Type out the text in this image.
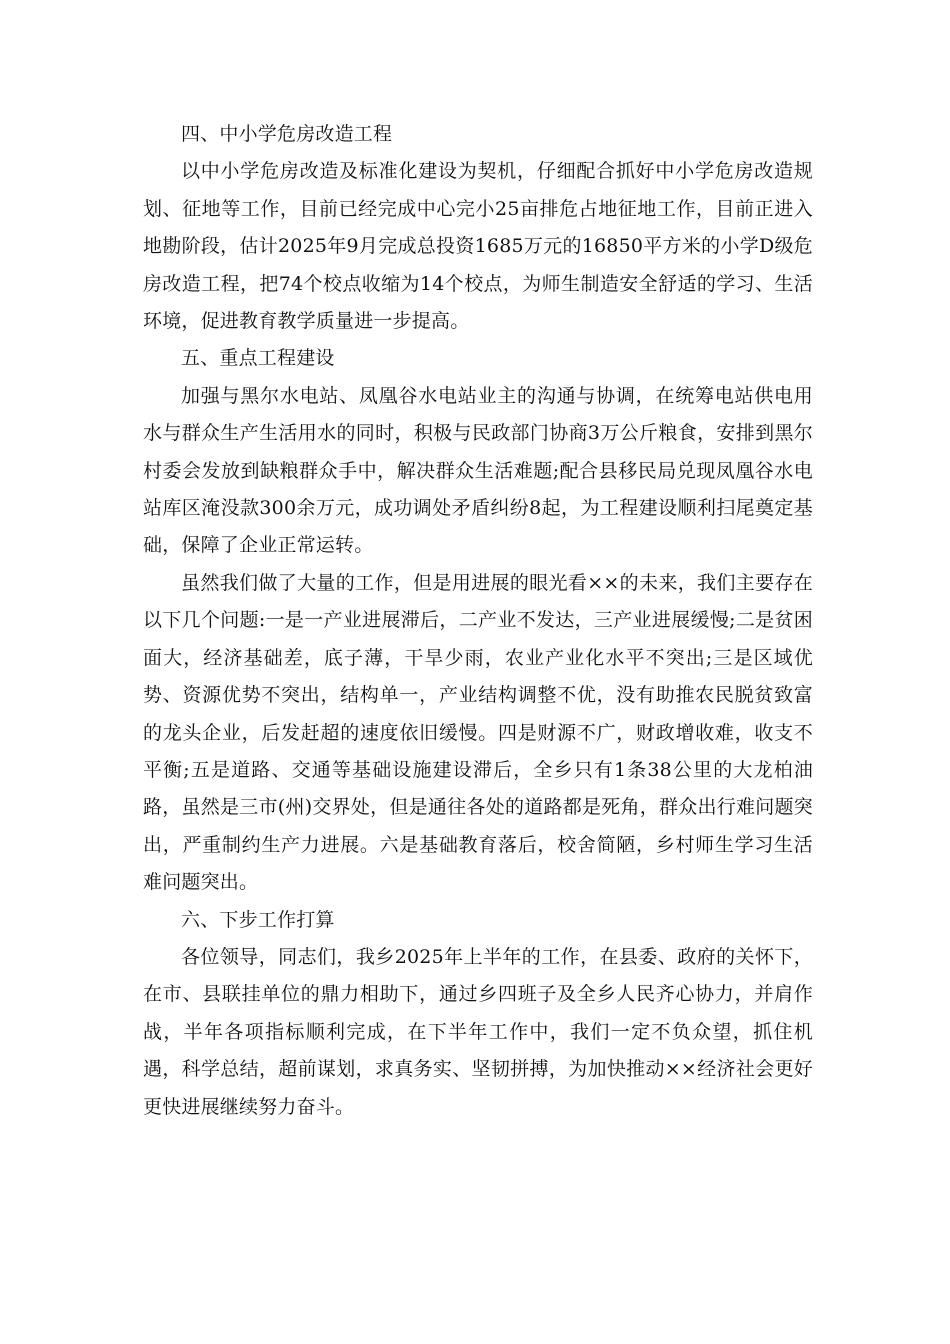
四、中小学危房改造工程

以中小学危房改造及标准化建设为契机，仔细配合抓好中小学危房改造规划、征地等工作，目前已经完成中心完小25亩排危占地征地工作，目前正进入地勘阶段，估计2025年9月完成总投资1685万元的16850平方米的小学D级危房改造工程，把74个校点收缩为14个校点，为师生制造安全舒适的学习、生活环境，促进教育教学质量进一步提高。

五、重点工程建设

加强与黑尔水电站、凤凰谷水电站业主的沟通与协调，在统筹电站供电用水与群众生产生活用水的同时，积极与民政部门协商3万公斤粮食，安排到黑尔村委会发放到缺粮群众手中，解决群众生活难题;配合县移民局兑现凤凰谷水电站库区淹没款300余万元，成功调处矛盾纠纷8起，为工程建设顺利扫尾奠定基础，保障了企业正常运转。

虽然我们做了大量的工作，但是用进展的眼光看××的未来，我们主要存在以下几个问题:一是一产业进展滞后，二产业不发达，三产业进展缓慢;二是贫困面大，经济基础差，底子薄，干旱少雨，农业产业化水平不突出;三是区域优势、资源优势不突出，结构单一，产业结构调整不优，没有助推农民脱贫致富的龙头企业，后发赶超的速度依旧缓慢。四是财源不广，财政增收难，收支不平衡;五是道路、交通等基础设施建设滞后，全乡只有1条38公里的大龙柏油路，虽然是三市(州)交界处，但是通往各处的道路都是死角，群众出行难问题突出，严重制约生产力进展。六是基础教育落后，校舍简陋，乡村师生学习生活难问题突出。

六、下步工作打算

各位领导，同志们，我乡2025年上半年的工作，在县委、政府的关怀下，在市、县联挂单位的鼎力相助下，通过乡四班子及全乡人民齐心协力，并肩作战，半年各项指标顺利完成，在下半年工作中，我们一定不负众望，抓住机遇，科学总结，超前谋划，求真务实、坚韧拼搏，为加快推动××经济社会更好更快进展继续努力奋斗。
